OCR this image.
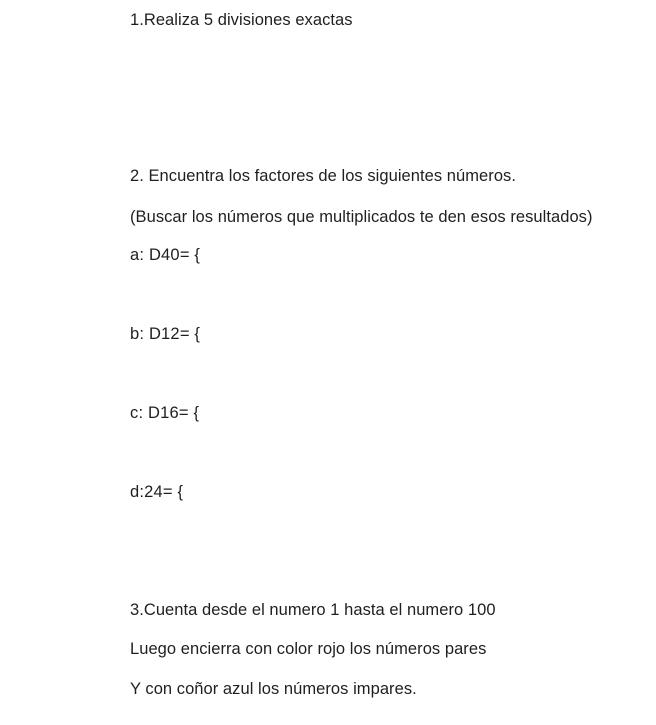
1.Realiza 5 divisiones exactas
2. Encuentra los factores de los siguientes números.
(Buscar los números que multiplicados te den esos resultados)
a: D40= {
b: D12= {
c: D16= {
d:24= {
3.Cuenta desde el numero 1 hasta el numero 100
Luego encierra con color rojo los números pares
Y con coñor azul los números impares.
